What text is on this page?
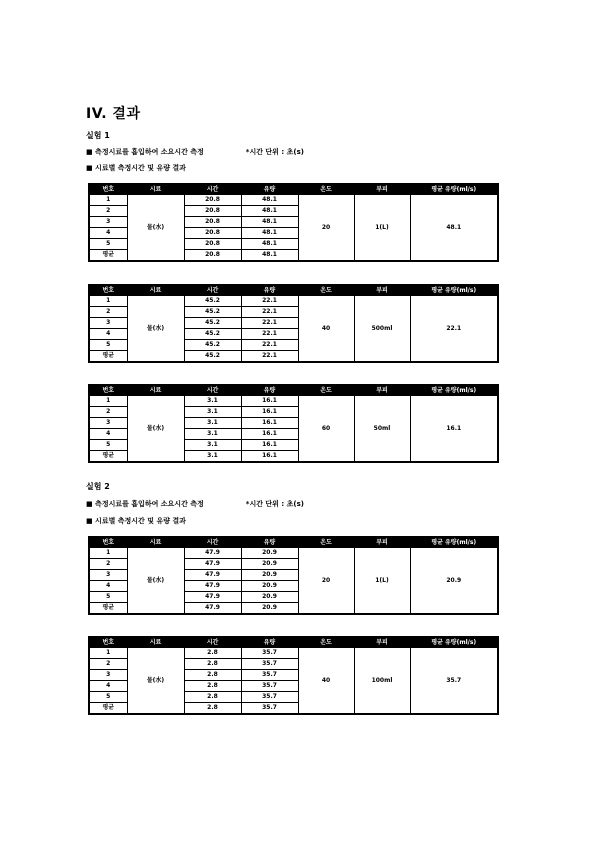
IV. 결과
실험 1
■ 측정시료를 흡입하여 소요시간 측정	*시간 단위 : 초(s)
■ 시료별 측정시간 및 유량 결과
실험 2
■ 측정시료를 흡입하여 소요시간 측정	*시간 단위 : 초(s)
■ 시료별 측정시간 및 유량 결과
번호	시료	시간	유량	온도	부피	평균 유량(ml/s)
1	물(水)	20.8	48.1	20	1(L)	48.1
2		20.8	48.1			
3		20.8	48.1			
4		20.8	48.1			
5		20.8	48.1			
평균		20.8	48.1			
번호	시료	시간	유량	온도	부피	평균 유량(ml/s)
1	물(水)	45.2	22.1	40	500ml	22.1
2		45.2	22.1			
3		45.2	22.1			
4		45.2	22.1			
5		45.2	22.1			
평균		45.2	22.1			
번호	시료	시간	유량	온도	부피	평균 유량(ml/s)
1	물(水)	3.1	16.1	60	50ml	16.1
2		3.1	16.1			
3		3.1	16.1			
4		3.1	16.1			
5		3.1	16.1			
평균		3.1	16.1			
번호	시료	시간	유량	온도	부피	평균 유량(ml/s)
1	물(水)	47.9	20.9	20	1(L)	20.9
2		47.9	20.9			
3		47.9	20.9			
4		47.9	20.9			
5		47.9	20.9			
평균		47.9	20.9			
번호	시료	시간	유량	온도	부피	평균 유량(ml/s)
1	물(水)	2.8	35.7	40	100ml	35.7
2		2.8	35.7			
3		2.8	35.7			
4		2.8	35.7			
5		2.8	35.7			
평균		2.8	35.7			
